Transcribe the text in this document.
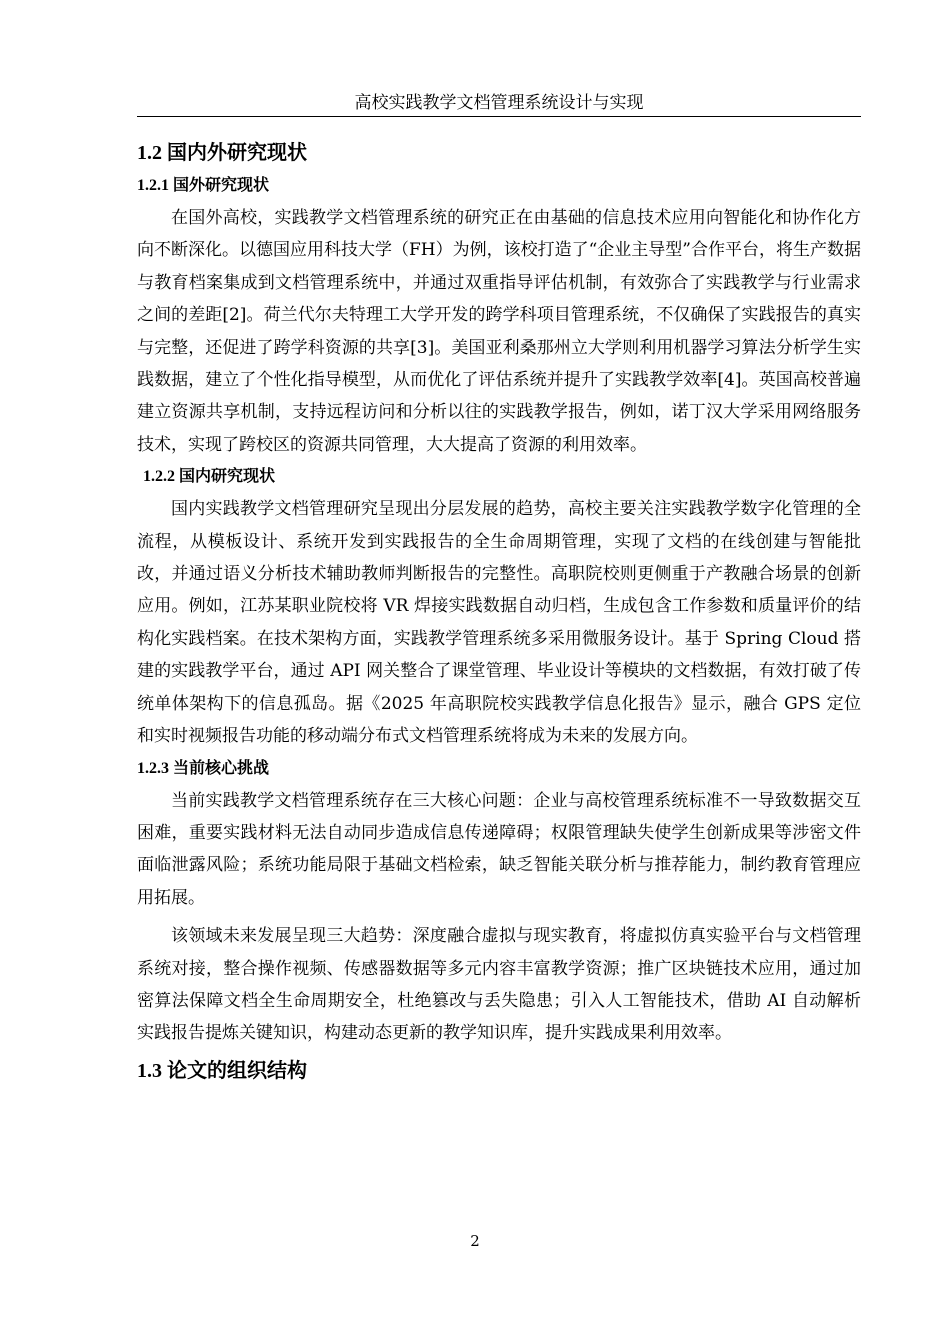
高校实践教学文档管理系统设计与实现
1.2 国内外研究现状
1.2.1 国外研究现状

在国外高校，实践教学文档管理系统的研究正在由基础的信息技术应用向智能化和协作化方向不断深化。以德国应用科技大学（FH）为例，该校打造了“企业主导型”合作平台，将生产数据与教育档案集成到文档管理系统中，并通过双重指导评估机制，有效弥合了实践教学与行业需求之间的差距[2]。荷兰代尔夫特理工大学开发的跨学科项目管理系统，不仅确保了实践报告的真实与完整，还促进了跨学科资源的共享[3]。美国亚利桑那州立大学则利用机器学习算法分析学生实践数据，建立了个性化指导模型，从而优化了评估系统并提升了实践教学效率[4]。英国高校普遍建立资源共享机制，支持远程访问和分析以往的实践教学报告，例如，诺丁汉大学采用网络服务技术，实现了跨校区的资源共同管理，大大提高了资源的利用效率。

1.2.2 国内研究现状

国内实践教学文档管理研究呈现出分层发展的趋势，高校主要关注实践教学数字化管理的全流程，从模板设计、系统开发到实践报告的全生命周期管理，实现了文档的在线创建与智能批改，并通过语义分析技术辅助教师判断报告的完整性。高职院校则更侧重于产教融合场景的创新应用。例如，江苏某职业院校将 VR 焊接实践数据自动归档，生成包含工作参数和质量评价的结构化实践档案。在技术架构方面，实践教学管理系统多采用微服务设计。基于 Spring Cloud 搭建的实践教学平台，通过 API 网关整合了课堂管理、毕业设计等模块的文档数据，有效打破了传统单体架构下的信息孤岛。据《2025 年高职院校实践教学信息化报告》显示，融合 GPS 定位和实时视频报告功能的移动端分布式文档管理系统将成为未来的发展方向。

1.2.3 当前核心挑战

当前实践教学文档管理系统存在三大核心问题：企业与高校管理系统标准不一导致数据交互困难，重要实践材料无法自动同步造成信息传递障碍；权限管理缺失使学生创新成果等涉密文件面临泄露风险；系统功能局限于基础文档检索，缺乏智能关联分析与推荐能力，制约教育管理应用拓展。

该领域未来发展呈现三大趋势：深度融合虚拟与现实教育，将虚拟仿真实验平台与文档管理系统对接，整合操作视频、传感器数据等多元内容丰富教学资源；推广区块链技术应用，通过加密算法保障文档全生命周期安全，杜绝篡改与丢失隐患；引入人工智能技术，借助 AI 自动解析实践报告提炼关键知识，构建动态更新的教学知识库，提升实践成果利用效率。

1.3 论文的组织结构
2
